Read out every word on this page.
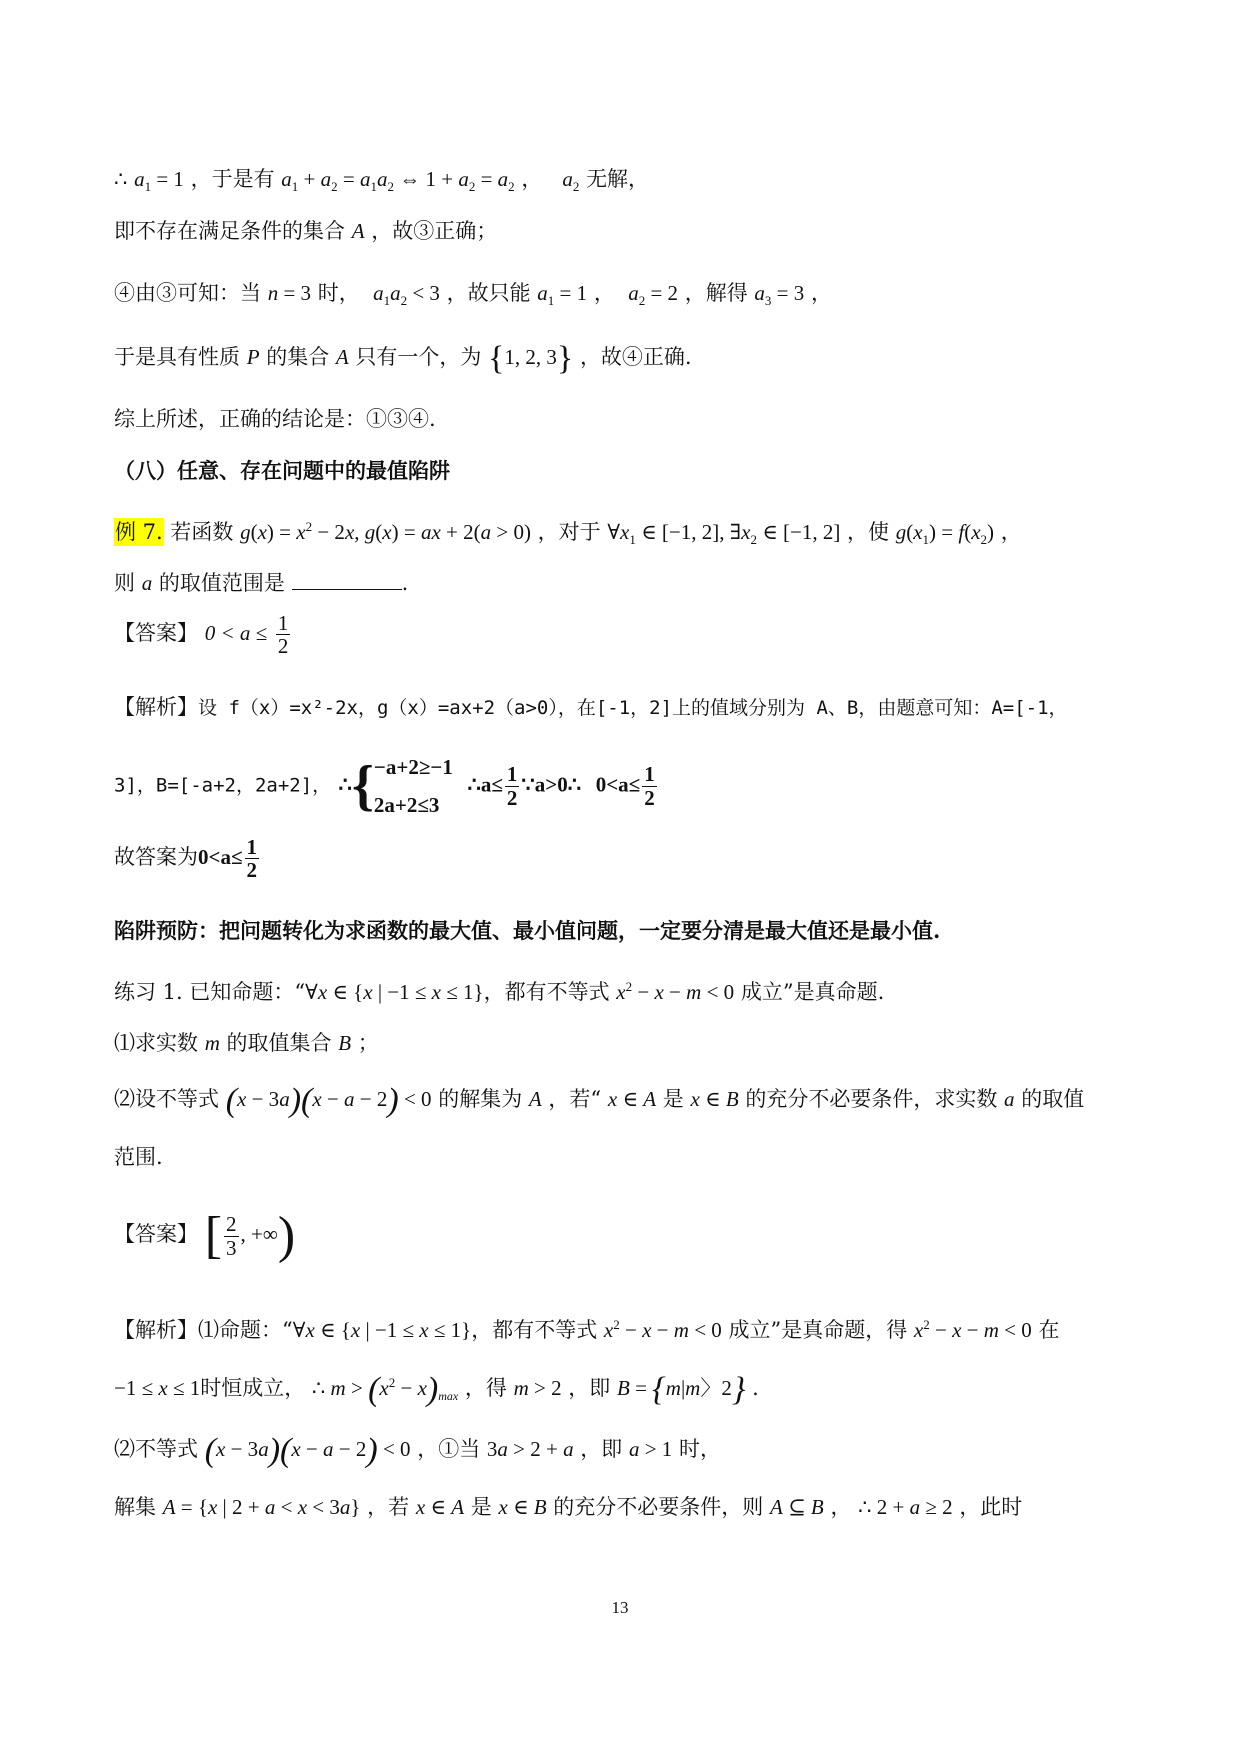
∴ $a_1 = 1$ ，于是有 $a_1 + a_2 = a_1a_2$ ⇔ $1 + a_2 = a_2$ ， $a_2$ 无解，
即不存在满足条件的集合 A ，故③正确；
④由③可知：当 n = 3 时， $a_1a_2 < 3$ ，故只能 $a_1 = 1$ ， $a_2 = 2$ ，解得 $a_3 = 3$ ，
于是具有性质 P 的集合 A 只有一个，为 {1, 2, 3} ，故④正确.
综上所述，正确的结论是：①③④.
（八）任意、存在问题中的最值陷阱
例 7. 若函数 $g(x) = x^2 - 2x$, g(x) = ax + 2(a > 0) ，对于 $\forall x_1$ ∈ [−1, 2], $\exists x_2$ ∈ [−1, 2] ，使 $g(x_1) = f(x_2)$ ，
则 a 的取值范围是	.
【答案】 $0 < a \le \frac{1}{2}$
【解析】设 f（x）=x²-2x，g（x）=ax+2（a>0），在[-1，2]上的值域分别为 A、B，由题意可知：A=[-1，
3]，B=[-a+2，2a+2]， ∴{ −a+2≥−1
2a+2≤3
∴a≤ $\frac{1}{2}$ ∵a>0∴ $0<a\le \frac{1}{2}$
故答案为$0<a\le \frac{1}{2}$
陷阱预防：把问题转化为求函数的最大值、最小值问题，一定要分清是最大值还是最小值.
练习 1. 已知命题：“∀x ∈ {x | −1 ≤ x ≤ 1}，都有不等式 $x^2 - x - m < 0$ 成立”是真命题.
⑴求实数 m 的取值集合 B ；
⑵设不等式 (x − 3a)(x − a − 2) < 0 的解集为 A ，若“ x ∈ A 是 x ∈ B 的充分不必要条件，求实数 a 的取值
范围.
【答案】 [ $\frac{2}{3}$ , +∞)
【解析】⑴命题：“∀x ∈ {x | −1 ≤ x ≤ 1}，都有不等式 $x^2 - x - m < 0$ 成立”是真命题，得 $x^2 - x - m < 0$ 在
−1 ≤ x ≤ 1时恒成立， ∴ $m > (x^2 - x)_{max}$ ，得 m > 2 ，即 B = {m|m〉2} .
⑵不等式 (x − 3a)(x − a − 2) < 0 ，①当 3a > 2 + a ，即 a > 1 时，
解集 A = {x | 2 + a < x < 3a} ，若 x ∈ A 是 x ∈ B 的充分不必要条件，则 A ⊆ B ， ∴ 2 + a ≥ 2 ，此时
13
